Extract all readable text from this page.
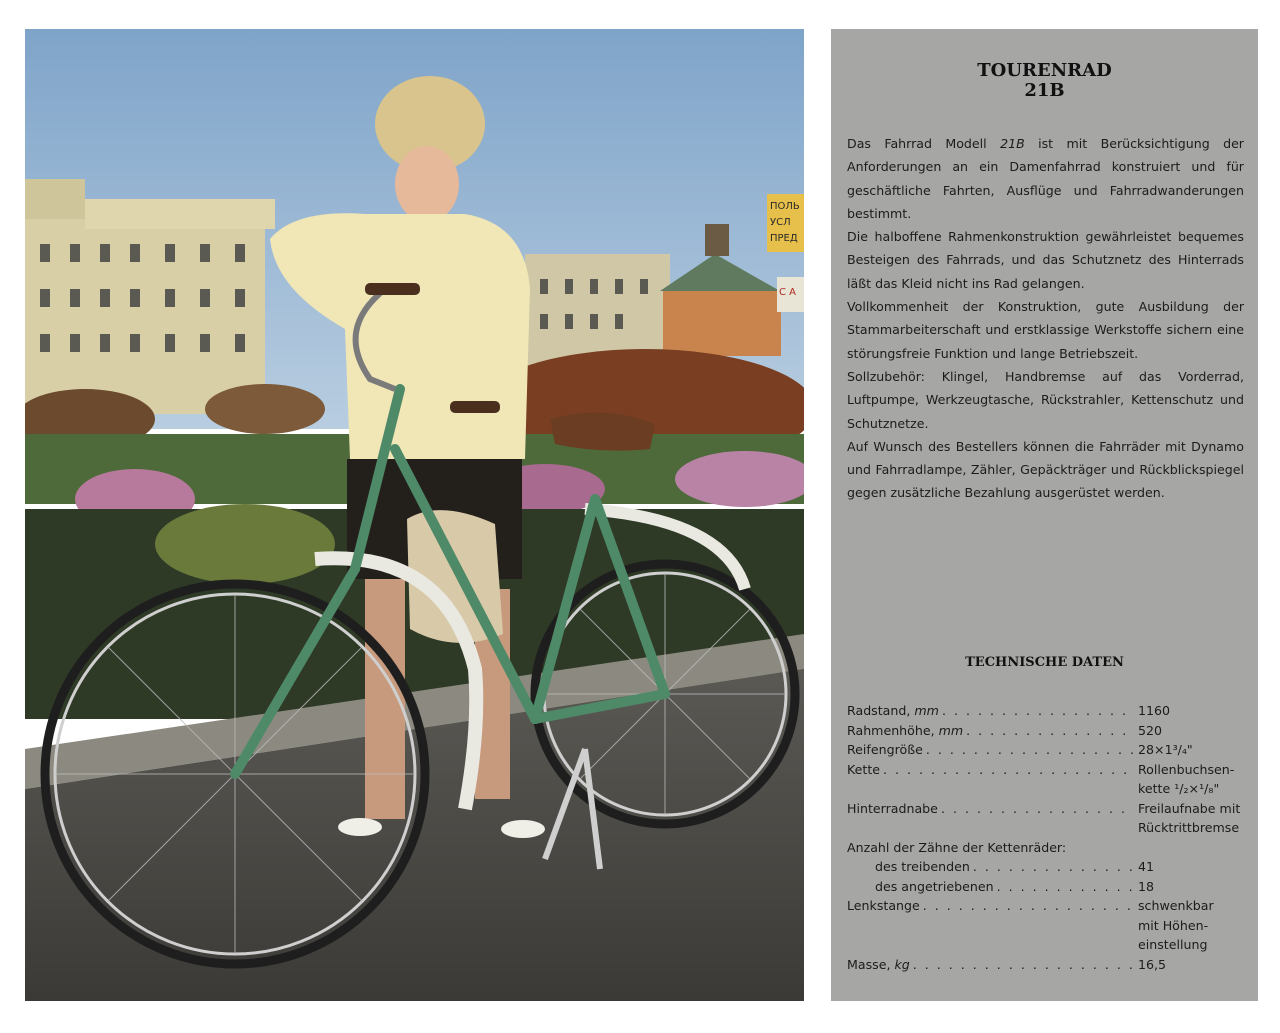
ПОЛЬ
УСЛ
ПРЕД
С А
TOURENRAD
21B

Das Fahrrad Modell 21B ist mit Berücksichtigung der Anforderungen an ein Damenfahrrad konstruiert und für geschäftliche Fahrten, Ausflüge und Fahrradwanderungen bestimmt.

Die halboffene Rahmenkonstruktion gewährleistet bequemes Besteigen des Fahrrads, und das Schutznetz des Hinterrads läßt das Kleid nicht ins Rad gelangen.

Vollkommenheit der Konstruktion, gute Ausbildung der Stammarbeiterschaft und erstklassige Werkstoffe sichern eine störungsfreie Funktion und lange Betriebszeit.

Sollzubehör: Klingel, Handbremse auf das Vorderrad, Luftpumpe, Werkzeugtasche, Rückstrahler, Kettenschutz und Schutznetze.

Auf Wunsch des Bestellers können die Fahrräder mit Dynamo und Fahrradlampe, Zähler, Gepäckträger und Rückblickspiegel gegen zusätzliche Bezahlung ausgerüstet werden.

TECHNISCHE DATEN
Radstand, mm . . .	1160
Rahmenhöhe, mm . . .	520
Reifengröße . . .	28×1³/₄"
Kette . . .	Rollenbuchsen-
kette ¹/₂×¹/₈"
Hinterradnabe . . .	Freilaufnabe mit
Rücktrittbremse
Anzahl der Zähne der Kettenräder:
des treibenden . . .	41
des angetriebenen . . .	18
Lenkstange . . .	schwenkbar
mit Höhen-
einstellung
Masse, kg . . .	16,5
